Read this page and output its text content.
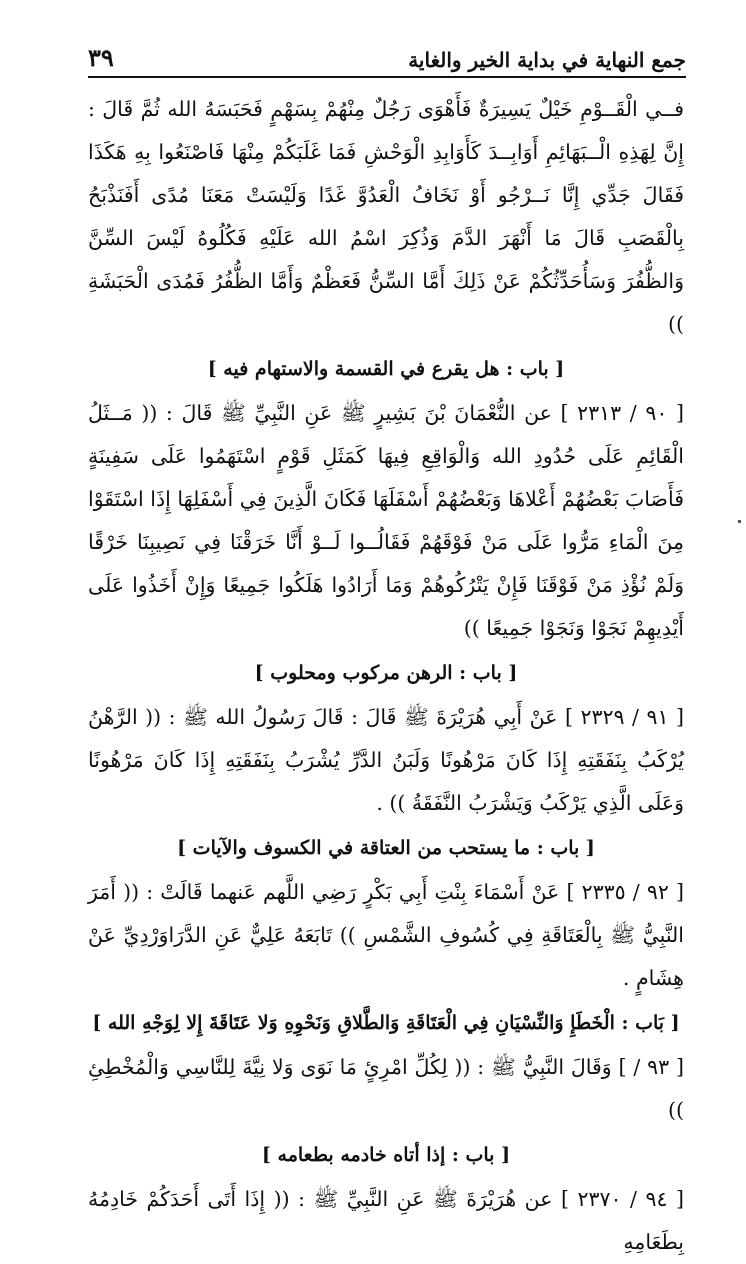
جمع النهاية في بداية الخير والغاية
٣٩

فــي الْقَــوْمِ خَيْلٌ يَسِيرَةٌ فَأَهْوَى رَجُلٌ مِنْهُمْ بِسَهْمٍ فَحَبَسَهُ الله ثُمَّ قَالَ : إِنَّ لِهَذِهِ الْــبَهَائِمِ أَوَابِــدَ كَأَوَابِدِ الْوَحْشِ فَمَا غَلَبَكُمْ مِنْهَا فَاصْنَعُوا بِهِ هَكَذَا فَقَالَ جَدِّي إِنَّا نَــرْجُو أَوْ نَخَافُ الْعَدُوَّ غَدًا وَلَيْسَتْ مَعَنَا مُدًى أَفَنَذْبَحُ بِالْقَصَبِ قَالَ مَا أَنْهَرَ الدَّمَ وَذُكِرَ اسْمُ الله عَلَيْهِ فَكُلُوهُ لَيْسَ السِّنَّ وَالظُّفُرَ وَسَأُحَدِّثُكُمْ عَنْ ذَلِكَ أَمَّا السِّنُّ فَعَظْمٌ وَأَمَّا الظُّفُرُ فَمُدَى الْحَبَشَةِ ))

[ باب : هل يقرع في القسمة والاستهام فيه ]

[ ٩٠ / ٢٣١٣ ] عن النُّعْمَانَ بْنَ بَشِيرٍ ﷺ عَنِ النَّبِيِّ ﷺ قَالَ : (( مَــثَلُ الْقَائِمِ عَلَى حُدُودِ الله وَالْوَاقِعِ فِيهَا كَمَثَلِ قَوْمٍ اسْتَهَمُوا عَلَى سَفِينَةٍ فَأَصَابَ بَعْضُهُمْ أَعْلاهَا وَبَعْضُهُمْ أَسْفَلَهَا فَكَانَ الَّذِينَ فِي أَسْفَلِهَا إِذَا اسْتَقَوْا مِنَ الْمَاءِ مَرُّوا عَلَى مَنْ فَوْقَهُمْ فَقَالُــوا لَــوْ أَنَّا خَرَقْنَا فِي نَصِيبِنَا خَرْقًا وَلَمْ نُؤْذِ مَنْ فَوْقَنَا فَإِنْ يَتْرُكُوهُمْ وَمَا أَرَادُوا هَلَكُوا جَمِيعًا وَإِنْ أَخَذُوا عَلَى أَيْدِيهِمْ نَجَوْا وَنَجَوْا جَمِيعًا ))

[ باب : الرهن مركوب ومحلوب ]

[ ٩١ / ٢٣٢٩ ] عَنْ أَبِي هُرَيْرَةَ ﷺ قَالَ : قَالَ رَسُولُ الله ﷺ : (( الرَّهْنُ يُرْكَبُ بِنَفَقَتِهِ إِذَا كَانَ مَرْهُونًا وَلَبَنُ الدَّرِّ يُشْرَبُ بِنَفَقَتِهِ إِذَا كَانَ مَرْهُونًا وَعَلَى الَّذِي يَرْكَبُ وَيَشْرَبُ النَّفَقَةُ )) .

[ باب : ما يستحب من العتاقة في الكسوف والآيات ]

[ ٩٢ / ٢٣٣٥ ] عَنْ أَسْمَاءَ بِنْتِ أَبِي بَكْرٍ رَضِي اللَّهم عَنهما قَالَتْ : (( أَمَرَ النَّبِيُّ ﷺ بِالْعَتَاقَةِ فِي كُسُوفِ الشَّمْسِ )) تَابَعَهُ عَلِيٌّ عَنِ الدَّرَاوَرْدِيِّ عَنْ هِشَامٍ .

[ بَاب : الْخَطَإِ وَالنِّسْيَانِ فِي الْعَتَاقَةِ وَالطَّلاقِ وَنَحْوِهِ وَلا عَتَاقَةَ إِلا لِوَجْهِ الله ]

[ ٩٣ / ] وَقَالَ النَّبِيُّ ﷺ : (( لِكُلِّ امْرِئٍ مَا نَوَى وَلا نِيَّةَ لِلنَّاسِي وَالْمُخْطِئِ ))

[ باب : إذا أتاه خادمه بطعامه ]

[ ٩٤ / ٢٣٧٠ ] عن هُرَيْرَةَ ﷺ عَنِ النَّبِيِّ ﷺ : (( إِذَا أَتَى أَحَدَكُمْ خَادِمُهُ بِطَعَامِهِ
